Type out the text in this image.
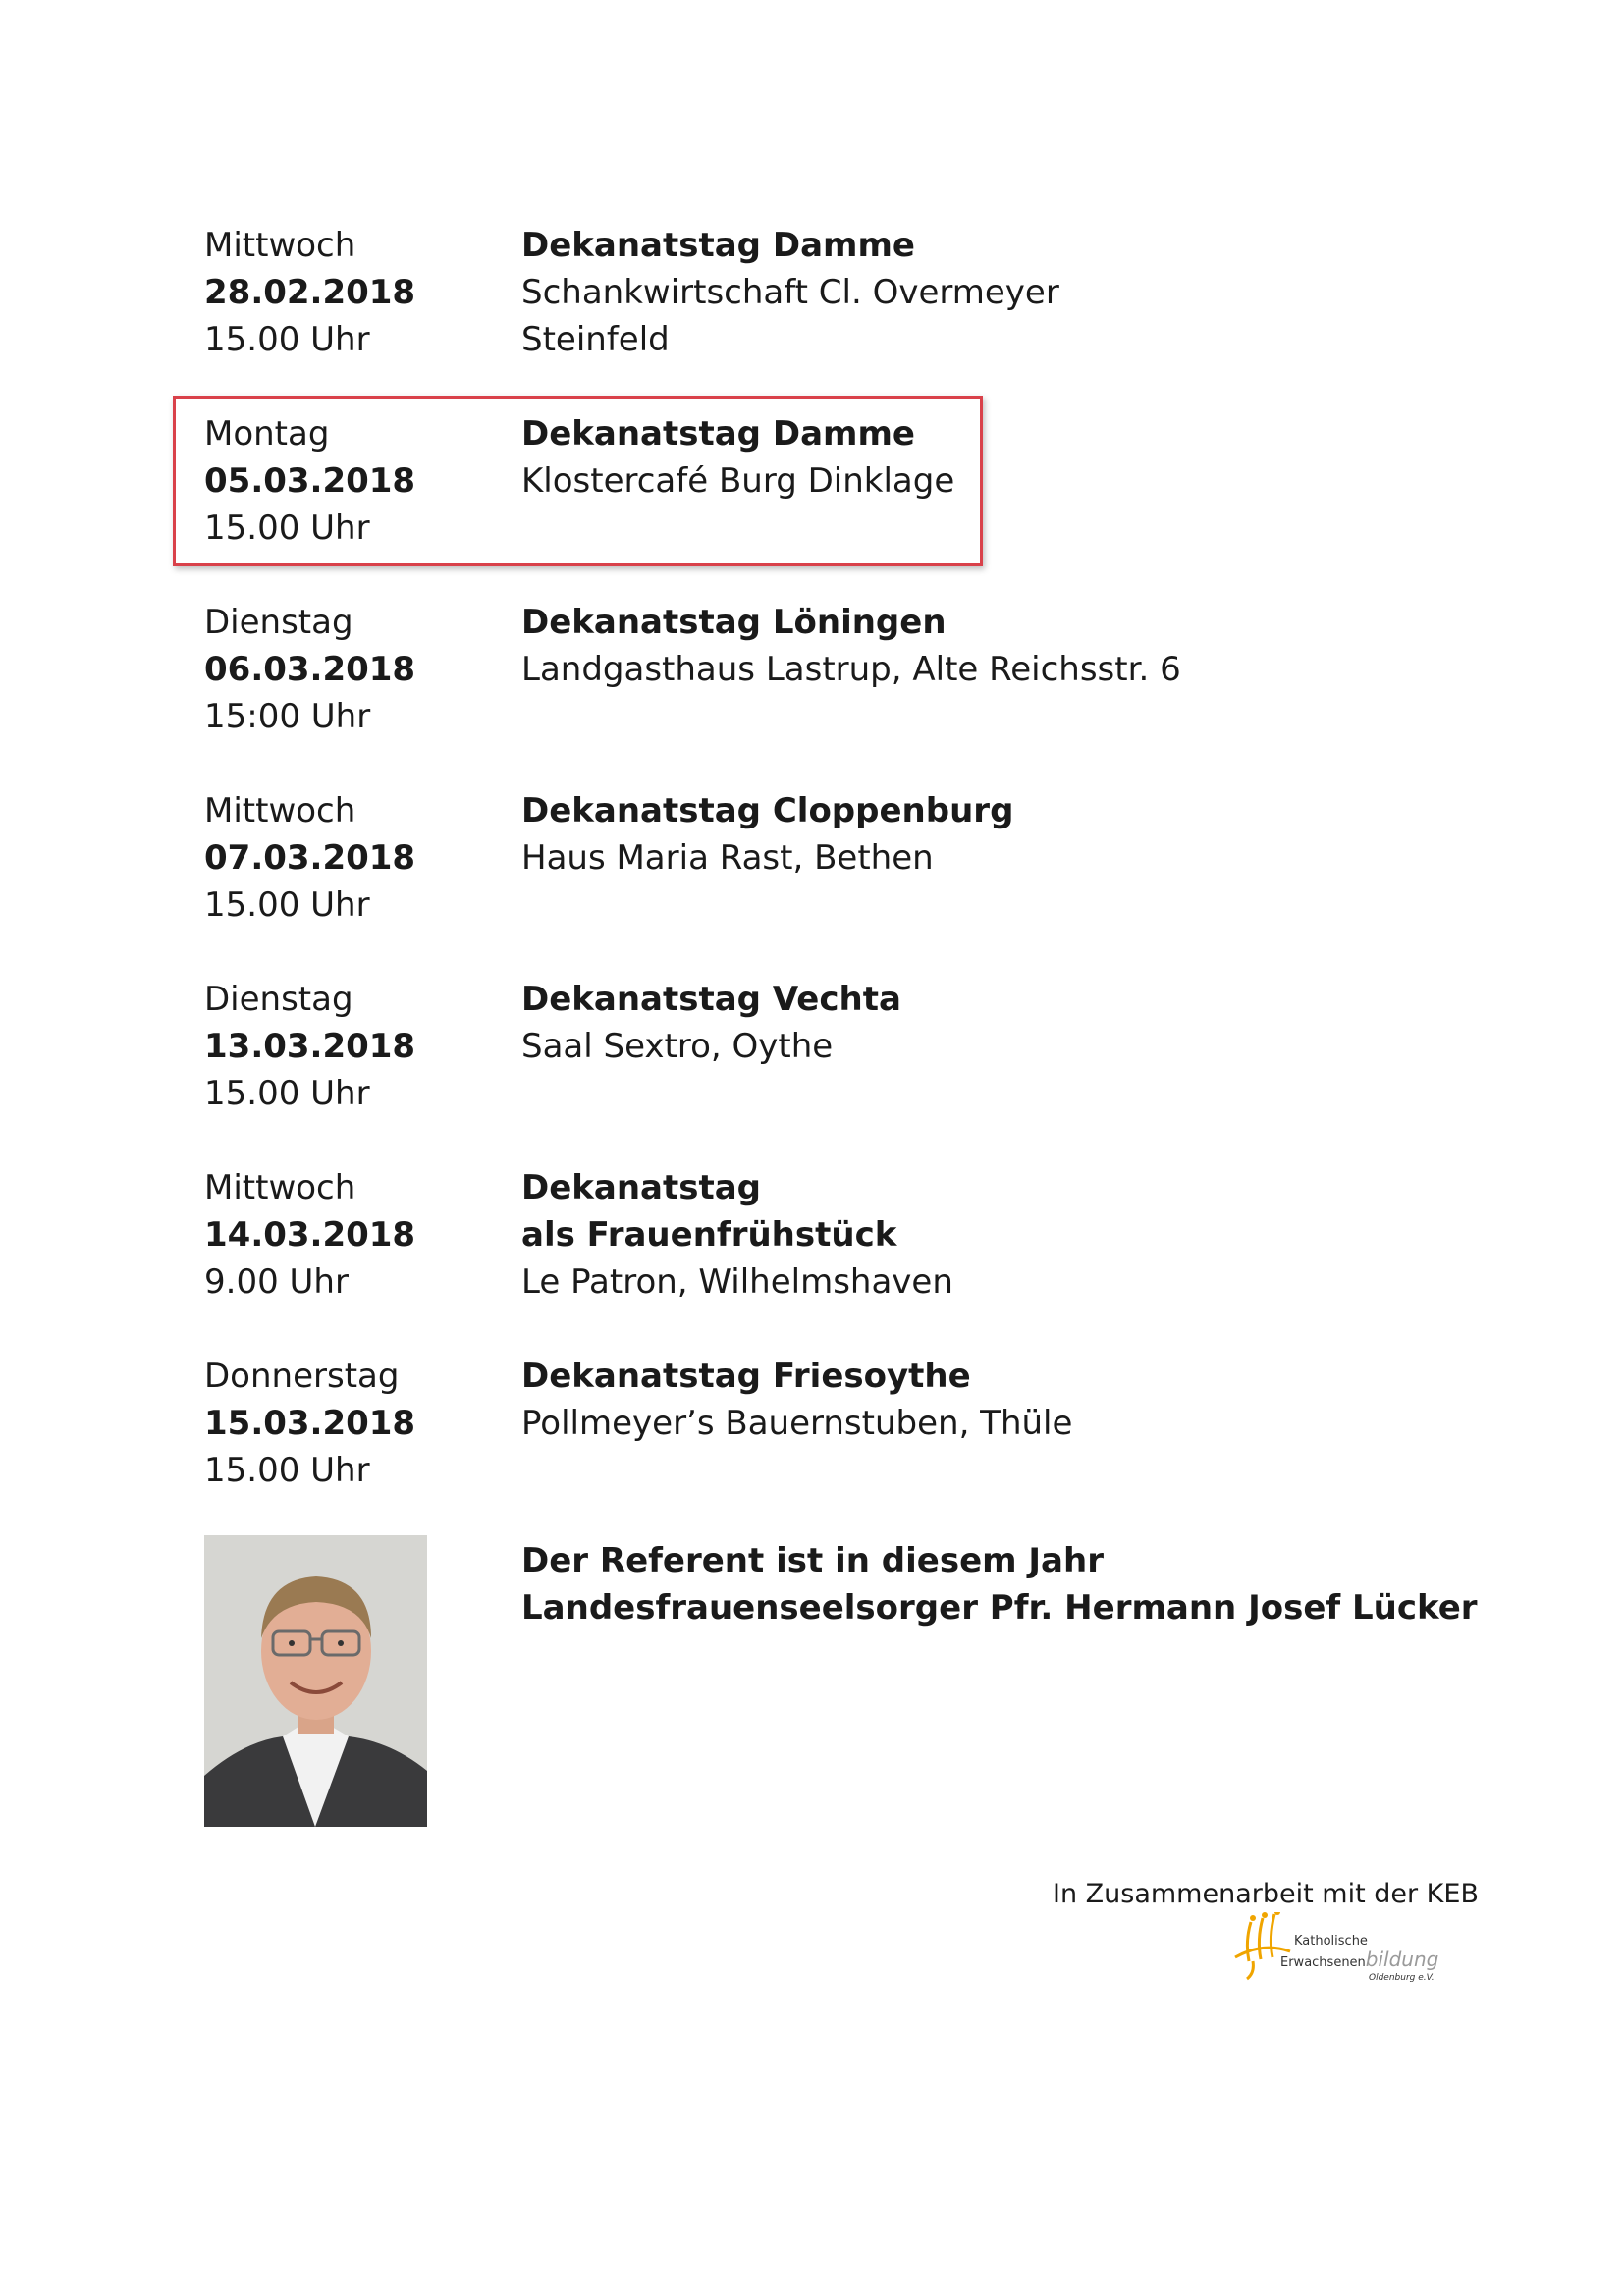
Mittwoch
28.02.2018
15.00 Uhr
Dekanatstag Damme
Schankwirtschaft Cl. Overmeyer
Steinfeld
Montag
05.03.2018
15.00 Uhr
Dekanatstag Damme
Klostercafé Burg Dinklage
Dienstag
06.03.2018
15:00 Uhr
Dekanatstag Löningen
Landgasthaus Lastrup, Alte Reichsstr. 6
Mittwoch
07.03.2018
15.00 Uhr
Dekanatstag Cloppenburg
Haus Maria Rast, Bethen
Dienstag
13.03.2018
15.00 Uhr
Dekanatstag Vechta
Saal Sextro, Oythe
Mittwoch
14.03.2018
9.00 Uhr
Dekanatstag
als Frauenfrühstück
Le Patron, Wilhelmshaven
Donnerstag
15.03.2018
15.00 Uhr
Dekanatstag Friesoythe
Pollmeyer’s Bauernstuben, Thüle
Der Referent ist in diesem Jahr
Landesfrauenseelsorger Pfr. Hermann Josef Lücker
In Zusammenarbeit mit der KEB
Katholische
Erwachsenenbildung
Oldenburg e.V.
